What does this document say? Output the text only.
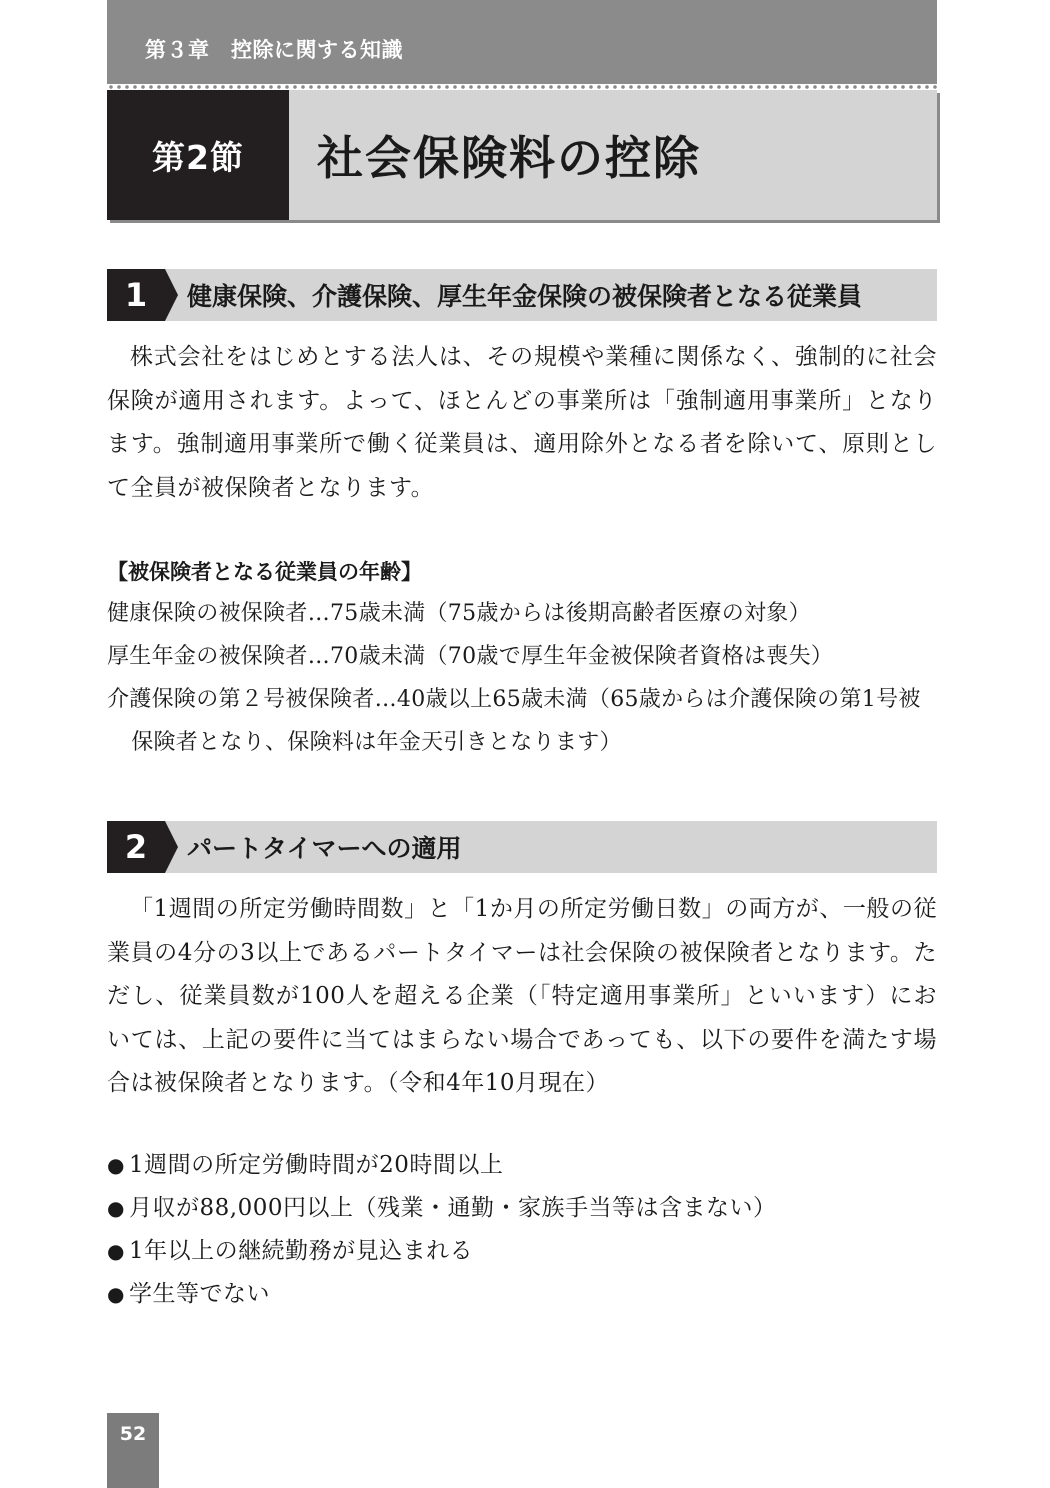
第３章　控除に関する知識
第2節	社会保険料の控除
1	健康保険、介護保険、厚生年金保険の被保険者となる従業員

株式会社をはじめとする法人は、その規模や業種に関係なく、強制的に社会保険が適用されます。よって、ほとんどの事業所は「強制適用事業所」となります。強制適用事業所で働く従業員は、適用除外となる者を除いて、原則として全員が被保険者となります。

【被保険者となる従業員の年齢】
健康保険の被保険者…75歳未満（75歳からは後期高齢者医療の対象）
厚生年金の被保険者…70歳未満（70歳で厚生年金被保険者資格は喪失）
介護保険の第２号被保険者…40歳以上65歳未満（65歳からは介護保険の第1号被保険者となり、保険料は年金天引きとなります）
2	パートタイマーへの適用

「1週間の所定労働時間数」と「1か月の所定労働日数」の両方が、一般の従業員の4分の3以上であるパートタイマーは社会保険の被保険者となります。ただし、従業員数が100人を超える企業（「特定適用事業所」といいます）においては、上記の要件に当てはまらない場合であっても、以下の要件を満たす場合は被保険者となります。（令和4年10月現在）

● 1週間の所定労働時間が20時間以上
● 月収が88,000円以上（残業・通勤・家族手当等は含まない）
● 1年以上の継続勤務が見込まれる
● 学生等でない
52
